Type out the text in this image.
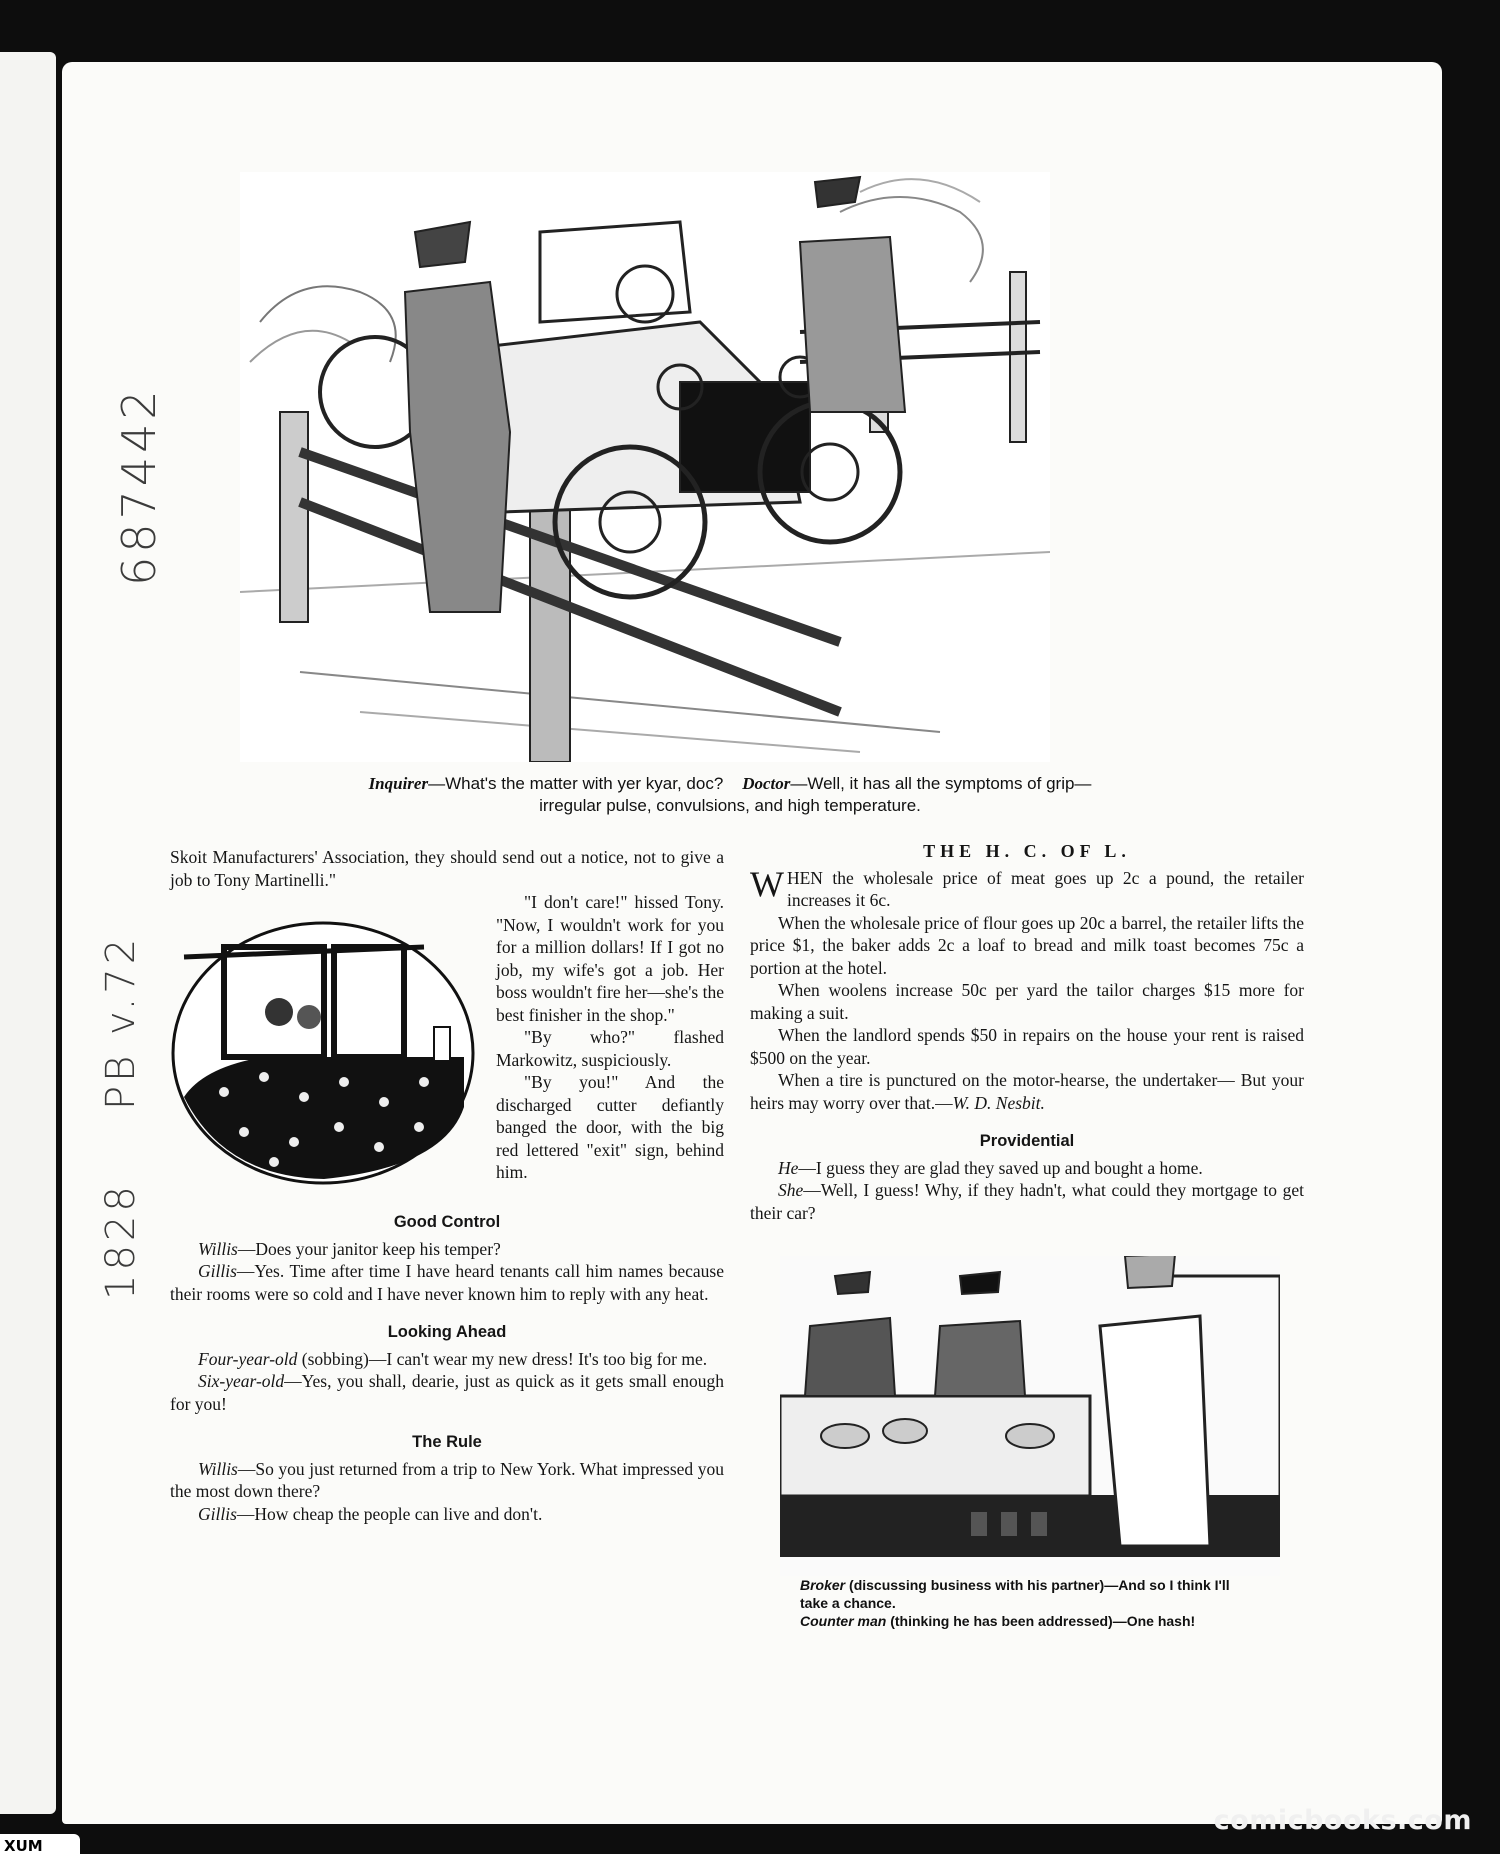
687442
PB v.72
1828
Inquirer—What's the matter with yer kyar, doc? Doctor—Well, it has all the symptoms of grip—
irregular pulse, convulsions, and high temperature.

Skoit Manufacturers' Association, they should send out a notice, not to give a job to Tony Martinelli."

"I don't care!" hissed Tony. "Now, I wouldn't work for you for a million dollars! If I got no job, my wife's got a job. Her boss wouldn't fire her—she's the best finisher in the shop."

"By who?" flashed Markowitz, suspiciously.

"By you!" And the discharged cutter defiantly banged the door, with the big red lettered "exit" sign, behind him.

Good Control

Willis—Does your janitor keep his temper?

Gillis—Yes. Time after time I have heard tenants call him names because their rooms were so cold and I have never known him to reply with any heat.

Looking Ahead

Four-year-old (sobbing)—I can't wear my new dress! It's too big for me.

Six-year-old—Yes, you shall, dearie, just as quick as it gets small enough for you!

The Rule

Willis—So you just returned from a trip to New York. What impressed you the most down there?

Gillis—How cheap the people can live and don't.

THE H. C. OF L.

WHEN the wholesale price of meat goes up 2c a pound, the retailer increases it 6c.

When the wholesale price of flour goes up 20c a barrel, the retailer lifts the price $1, the baker adds 2c a loaf to bread and milk toast becomes 75c a portion at the hotel.

When woolens increase 50c per yard the tailor charges $15 more for making a suit.

When the landlord spends $50 in repairs on the house your rent is raised $500 on the year.

When a tire is punctured on the motor-hearse, the undertaker— But your heirs may worry over that.—W. D. Nesbit.

Providential

He—I guess they are glad they saved up and bought a home.

She—Well, I guess! Why, if they hadn't, what could they mortgage to get their car?

Broker (discussing business with his partner)—And so I think I'll take a chance.

Counter man (thinking he has been addressed)—One hash!

comicbooks.com
XUM
